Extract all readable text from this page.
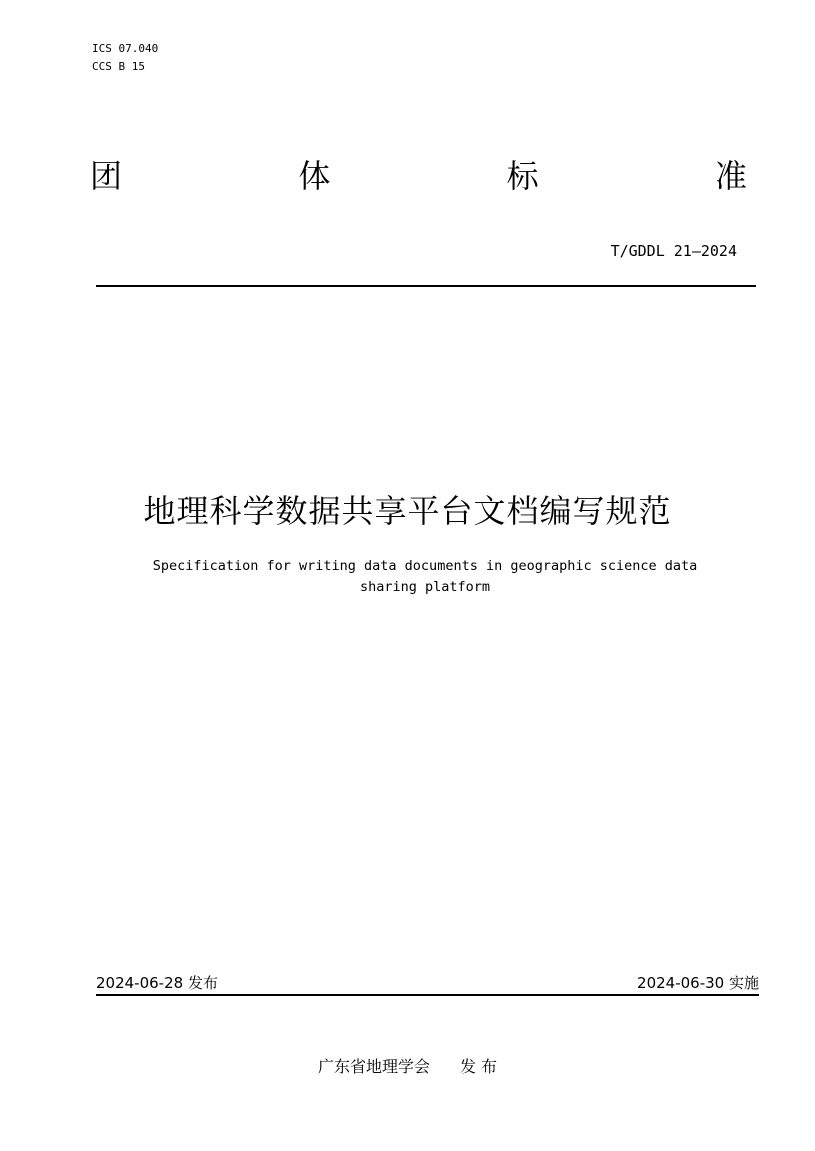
ICS 07.040
CCS B 15
团	体	标	准
T/GDDL 21—2024
地理科学数据共享平台文档编写规范
Specification for writing data documents in geographic science data
sharing platform
2024-06-28 发布	2024-06-30 实施
广东省地理学会 发 布
